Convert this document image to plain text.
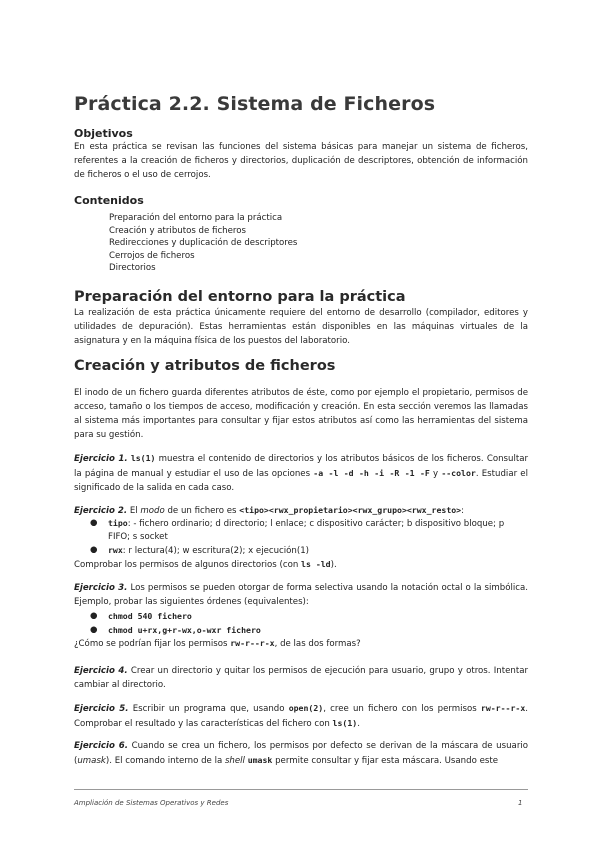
Práctica 2.2. Sistema de Ficheros
Objetivos
En esta práctica se revisan las funciones del sistema básicas para manejar un sistema de ficheros, referentes a la creación de ficheros y directorios, duplicación de descriptores, obtención de información de ficheros o el uso de cerrojos.
Contenidos
Preparación del entorno para la práctica
Creación y atributos de ficheros
Redirecciones y duplicación de descriptores
Cerrojos de ficheros
Directorios
Preparación del entorno para la práctica
La realización de esta práctica únicamente requiere del entorno de desarrollo (compilador, editores y utilidades de depuración). Estas herramientas están disponibles en las máquinas virtuales de la asignatura y en la máquina física de los puestos del laboratorio.
Creación y atributos de ficheros
El inodo de un fichero guarda diferentes atributos de éste, como por ejemplo el propietario, permisos de acceso, tamaño o los tiempos de acceso, modificación y creación. En esta sección veremos las llamadas al sistema más importantes para consultar y fijar estos atributos así como las herramientas del sistema para su gestión.
Ejercicio 1. ls(1) muestra el contenido de directorios y los atributos básicos de los ficheros. Consultar la página de manual y estudiar el uso de las opciones -a -l -d -h -i -R -1 -F y --color. Estudiar el significado de la salida en cada caso.
Ejercicio 2. El modo de un fichero es <tipo><rwx_propietario><rwx_grupo><rwx_resto>:
● tipo: - fichero ordinario; d directorio; l enlace; c dispositivo carácter; b dispositivo bloque; p FIFO; s socket
● rwx: r lectura(4); w escritura(2); x ejecución(1)
Comprobar los permisos de algunos directorios (con ls -ld).
Ejercicio 3. Los permisos se pueden otorgar de forma selectiva usando la notación octal o la simbólica. Ejemplo, probar las siguientes órdenes (equivalentes):
● chmod 540 fichero
● chmod u+rx,g+r-wx,o-wxr fichero
¿Cómo se podrían fijar los permisos rw-r--r-x, de las dos formas?
Ejercicio 4. Crear un directorio y quitar los permisos de ejecución para usuario, grupo y otros. Intentar cambiar al directorio.
Ejercicio 5. Escribir un programa que, usando open(2), cree un fichero con los permisos rw-r--r-x. Comprobar el resultado y las características del fichero con ls(1).
Ejercicio 6. Cuando se crea un fichero, los permisos por defecto se derivan de la máscara de usuario (umask). El comando interno de la shell umask permite consultar y fijar esta máscara. Usando este
Ampliación de Sistemas Operativos y Redes	1
